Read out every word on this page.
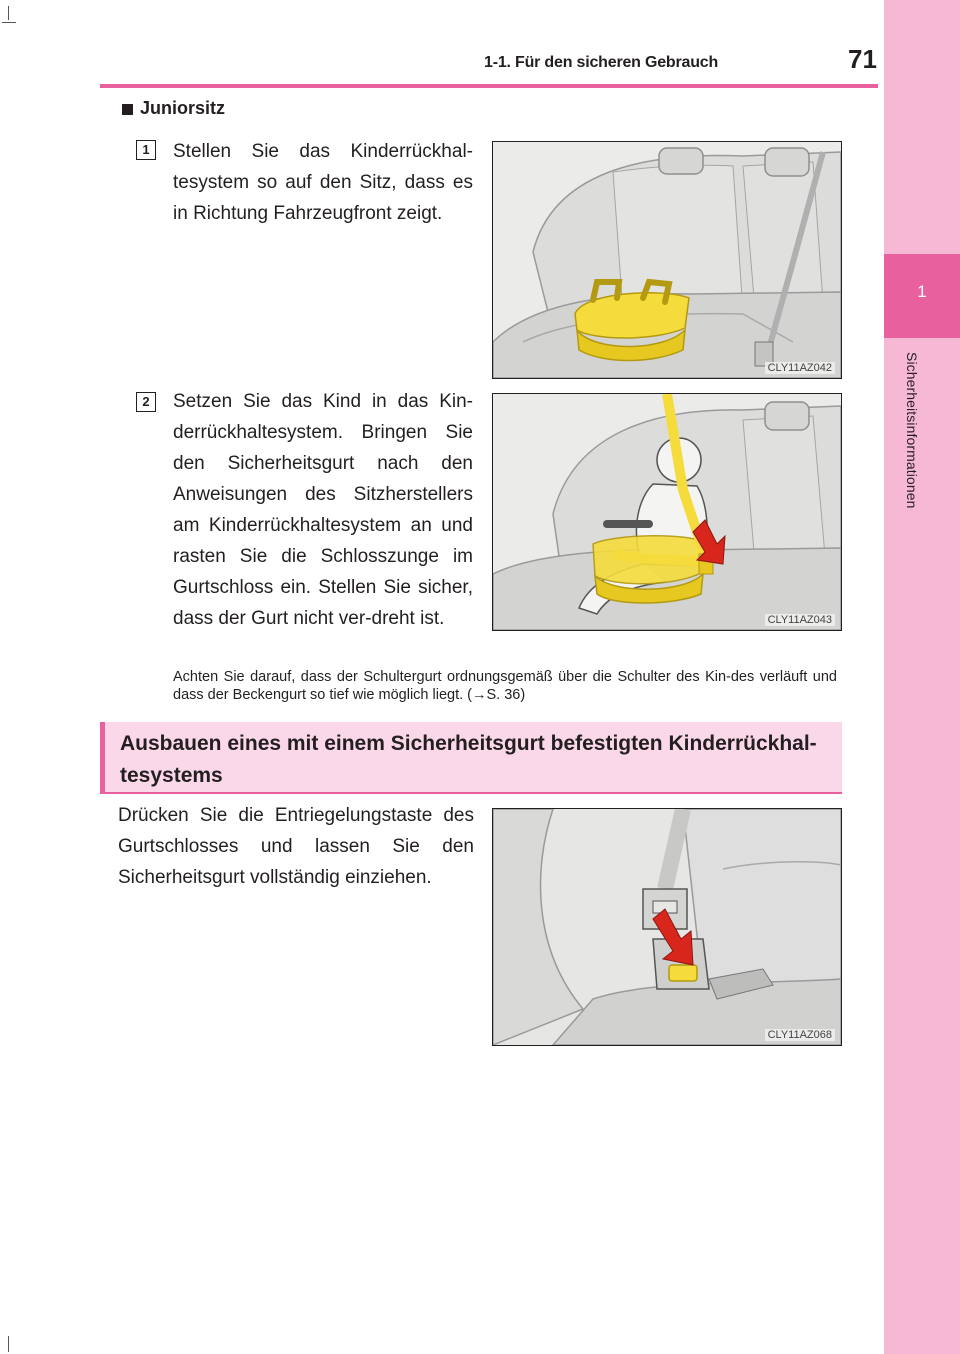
1-1. Für den sicheren Gebrauch	71
1
Sicherheitsinformationen
Juniorsitz
1	Stellen Sie das Kinderrückhal-tesystem so auf den Sitz, dass es in Richtung Fahrzeugfront zeigt.

CLY11AZ042
2	Setzen Sie das Kind in das Kin-derrückhaltesystem. Bringen Sie den Sicherheitsgurt nach den Anweisungen des Sitzherstellers am Kinderrückhaltesystem an und rasten Sie die Schlosszunge im Gurtschloss ein. Stellen Sie sicher, dass der Gurt nicht ver-dreht ist.	CLY11AZ043

Achten Sie darauf, dass der Schultergurt ordnungsgemäß über die Schulter des Kin-des verläuft und dass der Beckengurt so tief wie möglich liegt. (→S. 36)

Ausbauen eines mit einem Sicherheitsgurt befestigten Kinderrückhal-tesystems

Drücken Sie die Entriegelungstaste des Gurtschlosses und lassen Sie den Sicherheitsgurt vollständig einziehen.

CLY11AZ068
